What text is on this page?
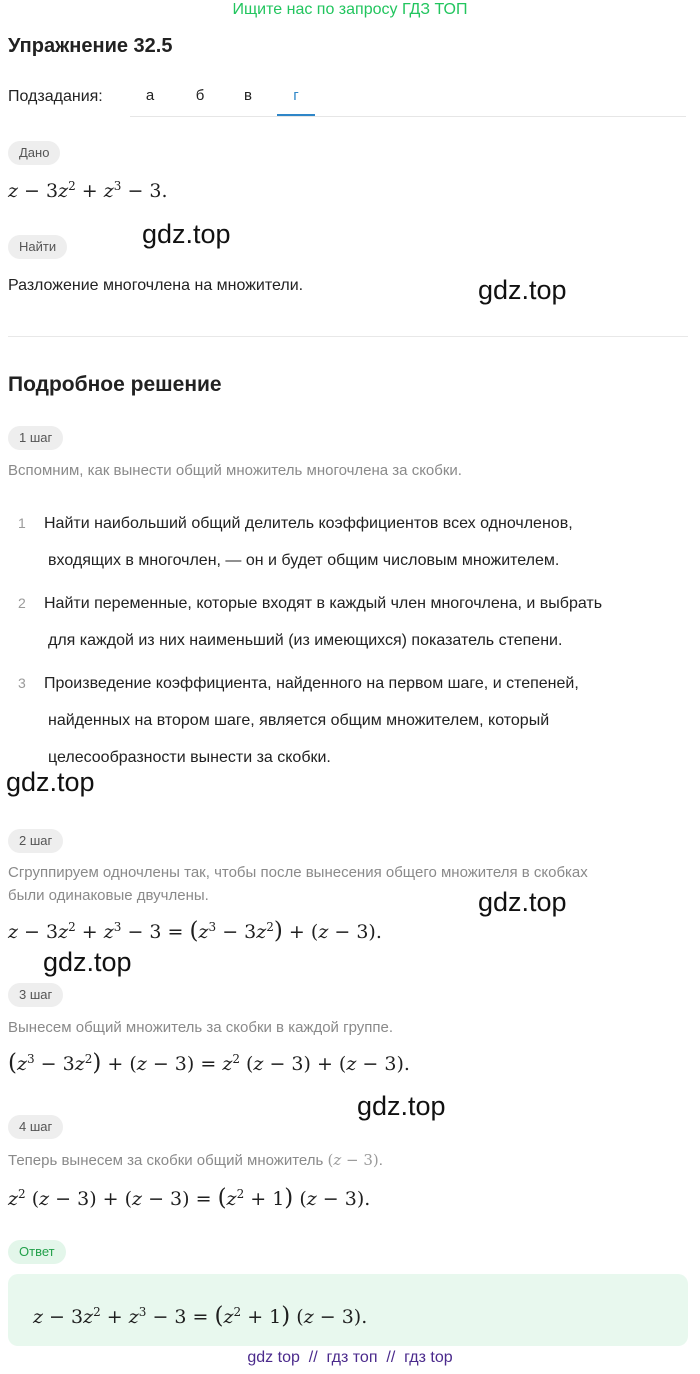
Ищите нас по запросу ГДЗ ТОП
Упражнение 32.5
Подзадания:	а	б	в	г
Дано
$z - 3z^2 + z^3 - 3$.
Найти
Разложение многочлена на множители.
Подробное решение
1 шаг
Вспомним, как вынести общий множитель многочлена за скобки.
1	Найти наибольший общий делитель коэффициентов всех одночленов,
входящих в многочлен, — он и будет общим числовым множителем.
2	Найти переменные, которые входят в каждый член многочлена, и выбрать
для каждой из них наименьший (из имеющихся) показатель степени.
3	Произведение коэффициента, найденного на первом шаге, и степеней,
найденных на втором шаге, является общим множителем, который
целесообразности вынести за скобки.
2 шаг
Сгруппируем одночлены так, чтобы после вынесения общего множителя в скобках
были одинаковые двучлены.
$z - 3z^2 + z^3 - 3 = (z^3 - 3z^2) + (z - 3)$.
3 шаг
Вынесем общий множитель за скобки в каждой группе.
$(z^3 - 3z^2) + (z - 3) = z^2$ (z − 3) + (z − 3).
4 шаг
Теперь вынесем за скобки общий множитель (z − 3).
$z^2$ $(z - 3) + (z - 3) = (z^2 + 1) (z - 3)$.
Ответ
$z - 3z^2 + z^3 - 3 = (z^2 + 1) (z - 3)$.
gdz.top
gdz.top
gdz.top
gdz.top
gdz.top
gdz.top
gdz top  //  гдз топ  //  гдз top
